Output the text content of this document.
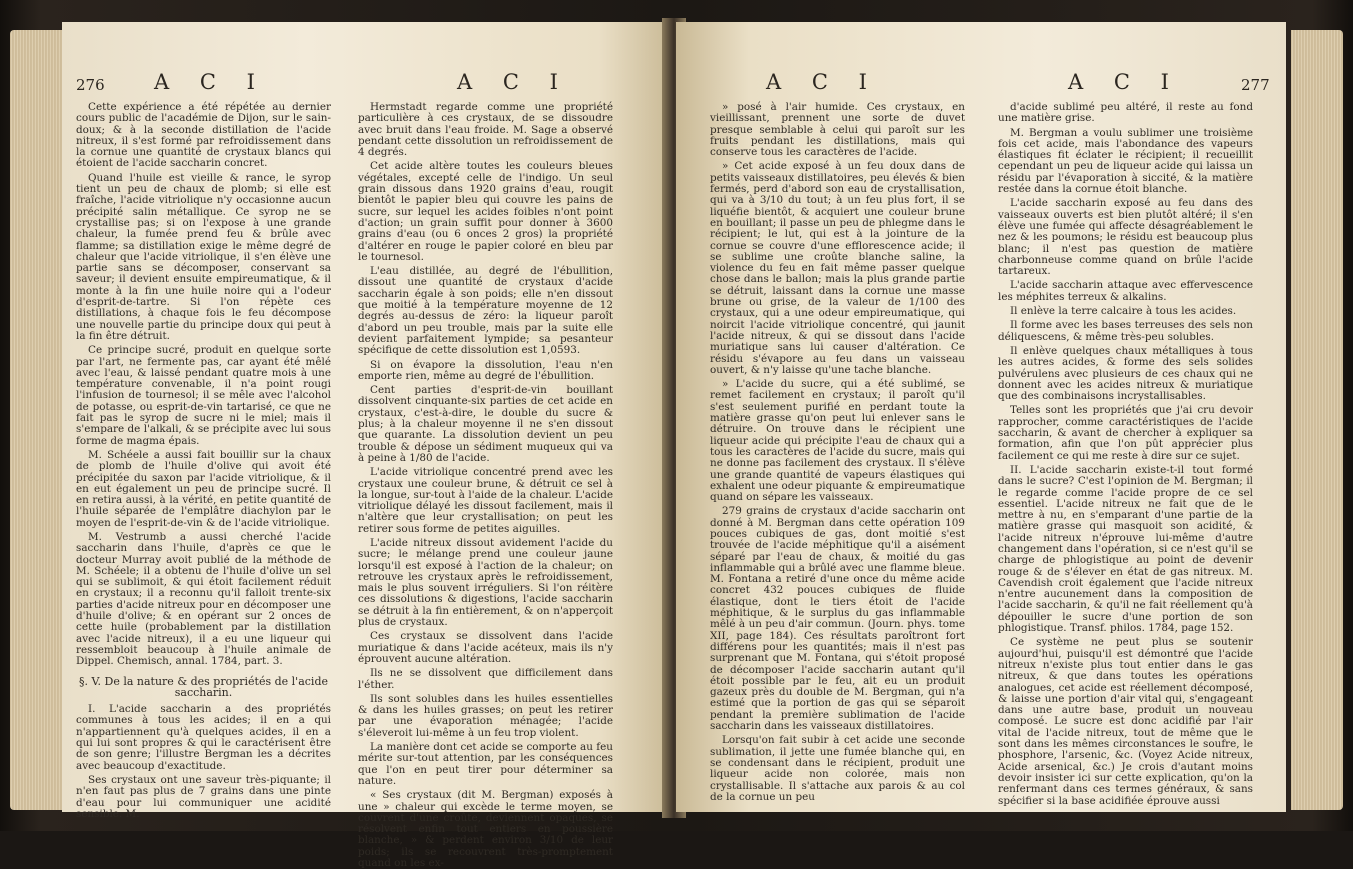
276 A C I	A C I

Cette expérience a été répétée au dernier cours public de l'académie de Dijon, sur le sain-doux; & à la seconde distillation de l'acide nitreux, il s'est formé par refroidissement dans la cornue une quantité de crystaux blancs qui étoient de l'acide saccharin concret.

Quand l'huile est vieille & rance, le syrop tient un peu de chaux de plomb; si elle est fraîche, l'acide vitriolique n'y occasionne aucun précipité salin métallique. Ce syrop ne se crystallise pas; si on l'expose à une grande chaleur, la fumée prend feu & brûle avec flamme; sa distillation exige le même degré de chaleur que l'acide vitriolique, il s'en élève une partie sans se décomposer, conservant sa saveur; il devient ensuite empireumatique, & il monte à la fin une huile noire qui a l'odeur d'esprit-de-tartre. Si l'on répète ces distillations, à chaque fois le feu décompose une nouvelle partie du principe doux qui peut à la fin être détruit.

Ce principe sucré, produit en quelque sorte par l'art, ne fermente pas, car ayant été mêlé avec l'eau, & laissé pendant quatre mois à une température convenable, il n'a point rougi l'infusion de tournesol; il se mêle avec l'alcohol de potasse, ou esprit-de-vin tartarisé, ce que ne fait pas le syrop de sucre ni le miel; mais il s'empare de l'alkali, & se précipite avec lui sous forme de magma épais.

M. Schéele a aussi fait bouillir sur la chaux de plomb de l'huile d'olive qui avoit été précipitée du saxon par l'acide vitriolique, & il en eut également un peu de principe sucré. Il en retira aussi, à la vérité, en petite quantité de l'huile séparée de l'emplâtre diachylon par le moyen de l'esprit-de-vin & de l'acide vitriolique.

M. Vestrumb a aussi cherché l'acide saccharin dans l'huile, d'après ce que le docteur Murray avoit publié de la méthode de M. Schéele; il a obtenu de l'huile d'olive un sel qui se sublimoit, & qui étoit facilement réduit en crystaux; il a reconnu qu'il falloit trente-six parties d'acide nitreux pour en décomposer une d'huile d'olive; & en opérant sur 2 onces de cette huile (probablement par la distillation avec l'acide nitreux), il a eu une liqueur qui ressembloit beaucoup à l'huile animale de Dippel. Chemisch, annal. 1784, part. 3.

§. V. De la nature & des propriétés de l'acide saccharin.

I. L'acide saccharin a des propriétés communes à tous les acides; il en a qui n'appartiennent qu'à quelques acides, il en a qui lui sont propres & qui le caractérisent être de son genre; l'illustre Bergman les a décrites avec beaucoup d'exactitude.

Ses crystaux ont une saveur très-piquante; il n'en faut pas plus de 7 grains dans une pinte d'eau pour lui communiquer une acidité sensible. M.

Hermstadt regarde comme une propriété particulière à ces crystaux, de se dissoudre avec bruit dans l'eau froide. M. Sage a observé pendant cette dissolution un refroidissement de 4 degrés.

Cet acide altère toutes les couleurs bleues végétales, excepté celle de l'indigo. Un seul grain dissous dans 1920 grains d'eau, rougit bientôt le papier bleu qui couvre les pains de sucre, sur lequel les acides foibles n'ont point d'action; un grain suffit pour donner à 3600 grains d'eau (ou 6 onces 2 gros) la propriété d'altérer en rouge le papier coloré en bleu par le tournesol.

L'eau distillée, au degré de l'ébullition, dissout une quantité de crystaux d'acide saccharin égale à son poids; elle n'en dissout que moitié à la température moyenne de 12 degrés au-dessus de zéro: la liqueur paroît d'abord un peu trouble, mais par la suite elle devient parfaitement lympide; sa pesanteur spécifique de cette dissolution est 1,0593.

Si on évapore la dissolution, l'eau n'en emporte rien, même au degré de l'ébullition.

Cent parties d'esprit-de-vin bouillant dissolvent cinquante-six parties de cet acide en crystaux, c'est-à-dire, le double du sucre & plus; à la chaleur moyenne il ne s'en dissout que quarante. La dissolution devient un peu trouble & dépose un sédiment muqueux qui va à peine à 1/80 de l'acide.

L'acide vitriolique concentré prend avec les crystaux une couleur brune, & détruit ce sel à la longue, sur-tout à l'aide de la chaleur. L'acide vitriolique délayé les dissout facilement, mais il n'altère que leur crystallisation; on peut les retirer sous forme de petites aiguilles.

L'acide nitreux dissout avidement l'acide du sucre; le mélange prend une couleur jaune lorsqu'il est exposé à l'action de la chaleur; on retrouve les crystaux après le refroidissement, mais le plus souvent irréguliers. Si l'on réitère ces dissolutions & digestions, l'acide saccharin se détruit à la fin entièrement, & on n'apperçoit plus de crystaux.

Ces crystaux se dissolvent dans l'acide muriatique & dans l'acide acéteux, mais ils n'y éprouvent aucune altération.

Ils ne se dissolvent que difficilement dans l'éther.

Ils sont solubles dans les huiles essentielles & dans les huiles grasses; on peut les retirer par une évaporation ménagée; l'acide s'éleveroit lui-même à un feu trop violent.

La manière dont cet acide se comporte au feu mérite sur-tout attention, par les conséquences que l'on en peut tirer pour déterminer sa nature.

« Ses crystaux (dit M. Bergman) exposés à une » chaleur qui excède le terme moyen, se couvrent d'une croûte, deviennent opaques, se résolvent enfin tout entiers en poussière blanche, » & perdent environ 3/10 de leur poids; ils se recouvrent très-promptement quand on les ex-

A C I	A C I	277

» posé à l'air humide. Ces crystaux, en vieillissant, prennent une sorte de duvet presque semblable à celui qui paroît sur les fruits pendant les distillations, mais qui conserve tous les caractères de l'acide.

» Cet acide exposé à un feu doux dans de petits vaisseaux distillatoires, peu élevés & bien fermés, perd d'abord son eau de crystallisation, qui va à 3/10 du tout; à un feu plus fort, il se liquéfie bientôt, & acquiert une couleur brune en bouillant; il passe un peu de phlegme dans le récipient; le lut, qui est à la jointure de la cornue se couvre d'une efflorescence acide; il se sublime une croûte blanche saline, la violence du feu en fait même passer quelque chose dans le ballon; mais la plus grande partie se détruit, laissant dans la cornue une masse brune ou grise, de la valeur de 1/100 des crystaux, qui a une odeur empireumatique, qui noircit l'acide vitriolique concentré, qui jaunit l'acide nitreux, & qui se dissout dans l'acide muriatique sans lui causer d'altération. Ce résidu s'évapore au feu dans un vaisseau ouvert, & n'y laisse qu'une tache blanche.

» L'acide du sucre, qui a été sublimé, se remet facilement en crystaux; il paroît qu'il s'est seulement purifié en perdant toute la matière grasse qu'on peut lui enlever sans le détruire. On trouve dans le récipient une liqueur acide qui précipite l'eau de chaux qui a tous les caractères de l'acide du sucre, mais qui ne donne pas facilement des crystaux. Il s'élève une grande quantité de vapeurs élastiques qui exhalent une odeur piquante & empireumatique quand on sépare les vaisseaux.

279 grains de crystaux d'acide saccharin ont donné à M. Bergman dans cette opération 109 pouces cubiques de gas, dont moitié s'est trouvée de l'acide méphitique qu'il a aisément séparé par l'eau de chaux, & moitié du gas inflammable qui a brûlé avec une flamme bleue. M. Fontana a retiré d'une once du même acide concret 432 pouces cubiques de fluide élastique, dont le tiers étoit de l'acide méphitique, & le surplus du gas inflammable mêlé à un peu d'air commun. (Journ. phys. tome XII, page 184). Ces résultats paroîtront fort différens pour les quantités; mais il n'est pas surprenant que M. Fontana, qui s'étoit proposé de décomposer l'acide saccharin autant qu'il étoit possible par le feu, ait eu un produit gazeux près du double de M. Bergman, qui n'a estimé que la portion de gas qui se séparoit pendant la première sublimation de l'acide saccharin dans les vaisseaux distillatoires.

Lorsqu'on fait subir à cet acide une seconde sublimation, il jette une fumée blanche qui, en se condensant dans le récipient, produit une liqueur acide non colorée, mais non crystallisable. Il s'attache aux parois & au col de la cornue un peu

d'acide sublimé peu altéré, il reste au fond une matière grise.

M. Bergman a voulu sublimer une troisième fois cet acide, mais l'abondance des vapeurs élastiques fit éclater le récipient; il recueillit cependant un peu de liqueur acide qui laissa un résidu par l'évaporation à siccité, & la matière restée dans la cornue étoit blanche.

L'acide saccharin exposé au feu dans des vaisseaux ouverts est bien plutôt altéré; il s'en élève une fumée qui affecte désagréablement le nez & les poumons; le résidu est beaucoup plus blanc; il n'est pas question de matière charbonneuse comme quand on brûle l'acide tartareux.

L'acide saccharin attaque avec effervescence les méphites terreux & alkalins.

Il enlève la terre calcaire à tous les acides.

Il forme avec les bases terreuses des sels non déliquescens, & même très-peu solubles.

Il enlève quelques chaux métalliques à tous les autres acides, & forme des sels solides pulvérulens avec plusieurs de ces chaux qui ne donnent avec les acides nitreux & muriatique que des combinaisons incrystallisables.

Telles sont les propriétés que j'ai cru devoir rapprocher, comme caractéristiques de l'acide saccharin, & avant de chercher à expliquer sa formation, afin que l'on pût apprécier plus facilement ce qui me reste à dire sur ce sujet.

II. L'acide saccharin existe-t-il tout formé dans le sucre? C'est l'opinion de M. Bergman; il le regarde comme l'acide propre de ce sel essentiel. L'acide nitreux ne fait que de le mettre à nu, en s'emparant d'une partie de la matière grasse qui masquoit son acidité, & l'acide nitreux n'éprouve lui-même d'autre changement dans l'opération, si ce n'est qu'il se charge de phlogistique au point de devenir rouge & de s'élever en état de gas nitreux. M. Cavendish croit également que l'acide nitreux n'entre aucunement dans la composition de l'acide saccharin, & qu'il ne fait réellement qu'à dépouiller le sucre d'une portion de son phlogistique. Transf. philos. 1784, page 152.

Ce système ne peut plus se soutenir aujourd'hui, puisqu'il est démontré que l'acide nitreux n'existe plus tout entier dans le gas nitreux, & que dans toutes les opérations analogues, cet acide est réellement décomposé, & laisse une portion d'air vital qui, s'engageant dans une autre base, produit un nouveau composé. Le sucre est donc acidifié par l'air vital de l'acide nitreux, tout de même que le sont dans les mêmes circonstances le soufre, le phosphore, l'arsenic, &c. (Voyez Acide nitreux, Acide arsenical, &c.) Je crois d'autant moins devoir insister ici sur cette explication, qu'on la renfermant dans ces termes généraux, & sans spécifier si la base acidifiée éprouve aussi
